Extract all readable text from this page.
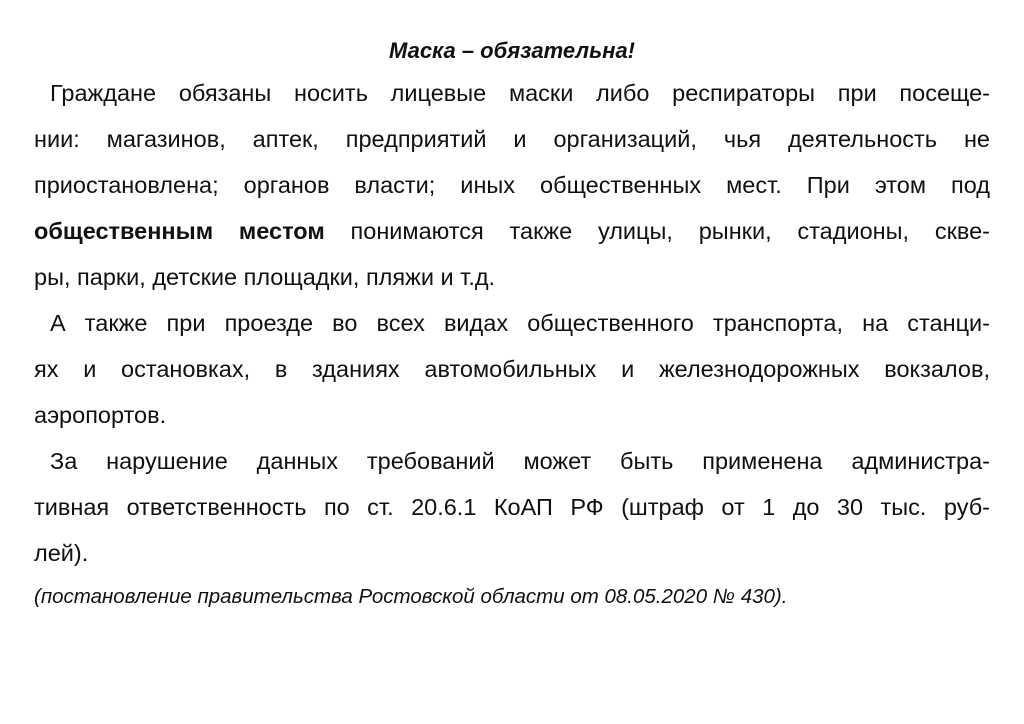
Маска – обязательна!
Граждане обязаны носить лицевые маски либо респираторы при посеще-
нии: магазинов, аптек, предприятий и организаций, чья деятельность не
приостановлена; органов власти; иных общественных мест. При этом под
общественным местом понимаются также улицы, рынки, стадионы, скве-
ры, парки, детские площадки, пляжи и т.д.
А также при проезде во всех видах общественного транспорта, на станци-
ях и остановках, в зданиях автомобильных и железнодорожных вокзалов,
аэропортов.
За нарушение данных требований может быть применена администра-
тивная ответственность по ст. 20.6.1 КоАП РФ (штраф от 1 до 30 тыс. руб-
лей).
(постановление правительства Ростовской области от 08.05.2020 № 430).
